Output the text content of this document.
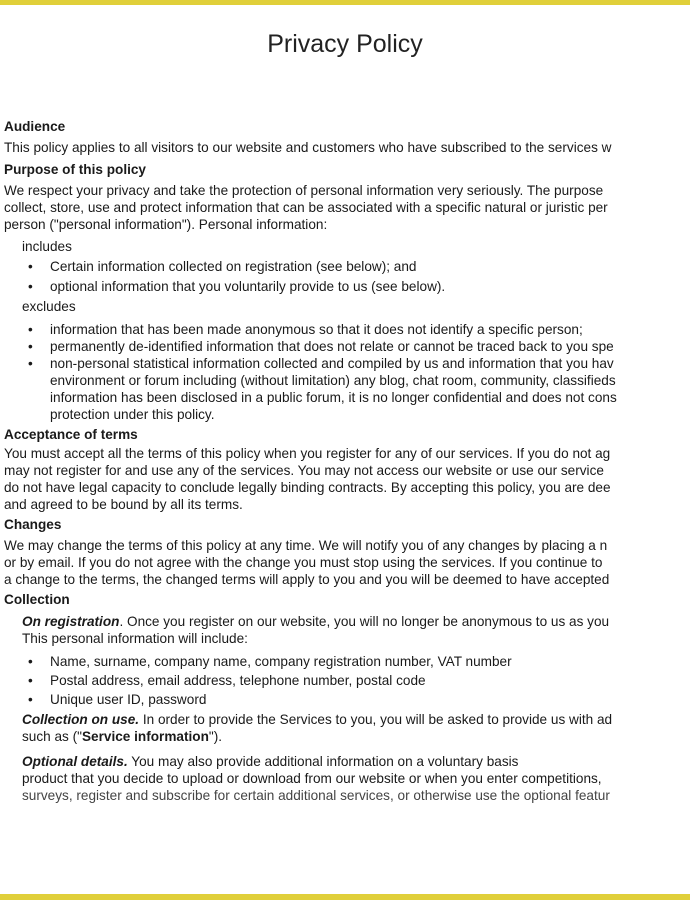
Privacy Policy
Audience
This policy applies to all visitors to our website and customers who have subscribed to the services w
Purpose of this policy
We respect your privacy and take the protection of personal information very seriously. The purpose
collect, store, use and protect information that can be associated with a specific natural or juristic per
person ("personal information"). Personal information:
includes
• Certain information collected on registration (see below); and
• optional information that you voluntarily provide to us (see below).
excludes
• information that has been made anonymous so that it does not identify a specific person;
• permanently de-identified information that does not relate or cannot be traced back to you spe
• non-personal statistical information collected and compiled by us and information that you hav
environment or forum including (without limitation) any blog, chat room, community, classifieds
information has been disclosed in a public forum, it is no longer confidential and does not cons
protection under this policy.
Acceptance of terms
You must accept all the terms of this policy when you register for any of our services. If you do not ag
may not register for and use any of the services. You may not access our website or use our service
do not have legal capacity to conclude legally binding contracts. By accepting this policy, you are dee
and agreed to be bound by all its terms.
Changes
We may change the terms of this policy at any time. We will notify you of any changes by placing a n
or by email. If you do not agree with the change you must stop using the services. If you continue to
a change to the terms, the changed terms will apply to you and you will be deemed to have accepted
Collection
On registration. Once you register on our website, you will no longer be anonymous to us as you
This personal information will include:
• Name, surname, company name, company registration number, VAT number
• Postal address, email address, telephone number, postal code
• Unique user ID, password
Collection on use. In order to provide the Services to you, you will be asked to provide us with ad
such as ("Service information").
Optional details. You may also provide additional information on a voluntary basis
product that you decide to upload or download from our website or when you enter competitions,
surveys, register and subscribe for certain additional services, or otherwise use the optional featur
